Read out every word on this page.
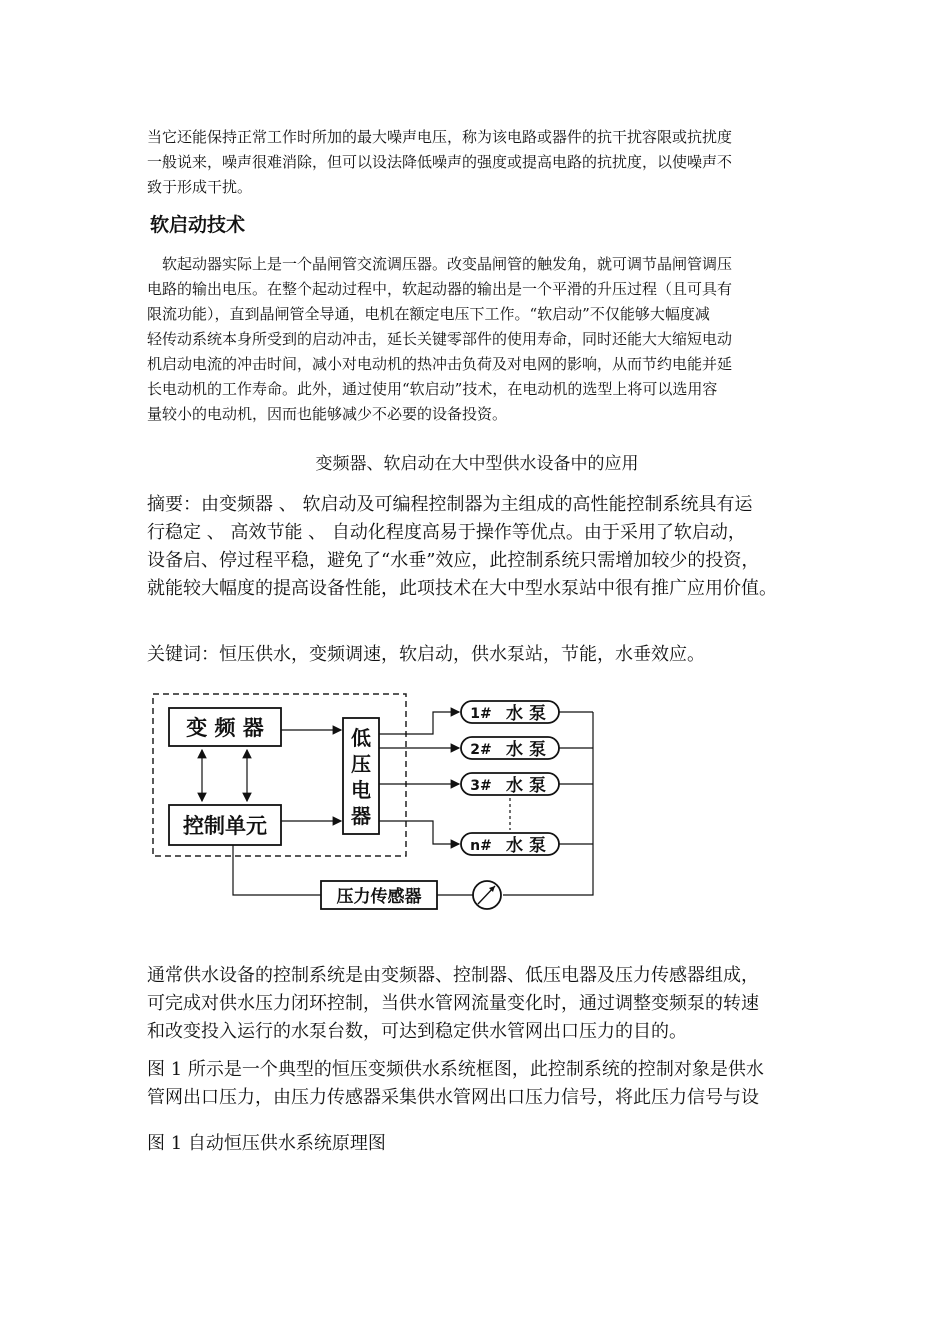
当它还能保持正常工作时所加的最大噪声电压，称为该电路或器件的抗干扰容限或抗扰度
一般说来，噪声很难消除，但可以设法降低噪声的强度或提高电路的抗扰度，以使噪声不
致于形成干扰。
软启动技术
　软起动器实际上是一个晶闸管交流调压器。改变晶闸管的触发角，就可调节晶闸管调压
电路的输出电压。在整个起动过程中，软起动器的输出是一个平滑的升压过程（且可具有
限流功能），直到晶闸管全导通，电机在额定电压下工作。“软启动”不仅能够大幅度减
轻传动系统本身所受到的启动冲击，延长关键零部件的使用寿命，同时还能大大缩短电动
机启动电流的冲击时间，减小对电动机的热冲击负荷及对电网的影响，从而节约电能并延
长电动机的工作寿命。此外，通过使用“软启动”技术，在电动机的选型上将可以选用容
量较小的电动机，因而也能够减少不必要的设备投资。

变频器、软启动在大中型供水设备中的应用

摘要：由变频器 、 软启动及可编程控制器为主组成的高性能控制系统具有运
行稳定 、 高效节能 、 自动化程度高易于操作等优点。由于采用了软启动，
设备启、停过程平稳，避免了“水垂”效应，此控制系统只需增加较少的投资，
就能较大幅度的提高设备性能，此项技术在大中型水泵站中很有推广应用价值。

关键词：恒压供水，变频调速，软启动，供水泵站，节能，水垂效应。

变 频 器
控制单元
低
压
电
器
1# 水 泵
2# 水 泵
3# 水 泵
n# 水 泵
压力传感器
通常供水设备的控制系统是由变频器、控制器、低压电器及压力传感器组成，
可完成对供水压力闭环控制，当供水管网流量变化时，通过调整变频泵的转速
和改变投入运行的水泵台数，可达到稳定供水管网出口压力的目的。
图 1 所示是一个典型的恒压变频供水系统框图，此控制系统的控制对象是供水
管网出口压力，由压力传感器采集供水管网出口压力信号，将此压力信号与设

图 1 自动恒压供水系统原理图
